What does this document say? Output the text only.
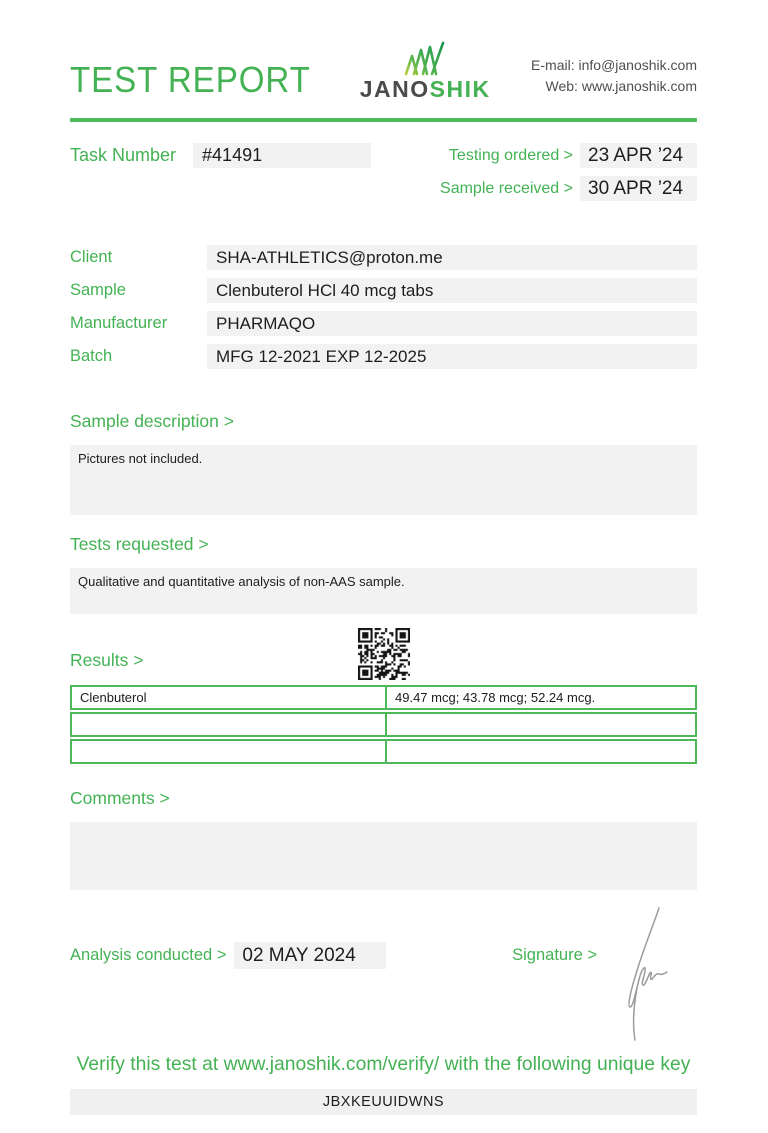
TEST REPORT JANOSHIK
E-mail: info@janoshik.com
Web: www.janoshik.com
Task Number	#41491	Testing ordered > 23 APR ’24
Sample received > 30 APR ’24
Client	SHA-ATHLETICS@proton.me
Sample	Clenbuterol HCl 40 mcg tabs
Manufacturer	PHARMAQO
Batch	MFG 12-2021 EXP 12-2025
Sample description >
Pictures not included.
Tests requested >
Qualitative and quantitative analysis of non-AAS sample.
Results >
Clenbuterol	49.47 mcg; 43.78 mcg; 52.24 mcg.
Comments >
Analysis conducted > 02 MAY 2024	Signature >
Verify this test at www.janoshik.com/verify/ with the following unique key
JBXKEUUIDWNS
